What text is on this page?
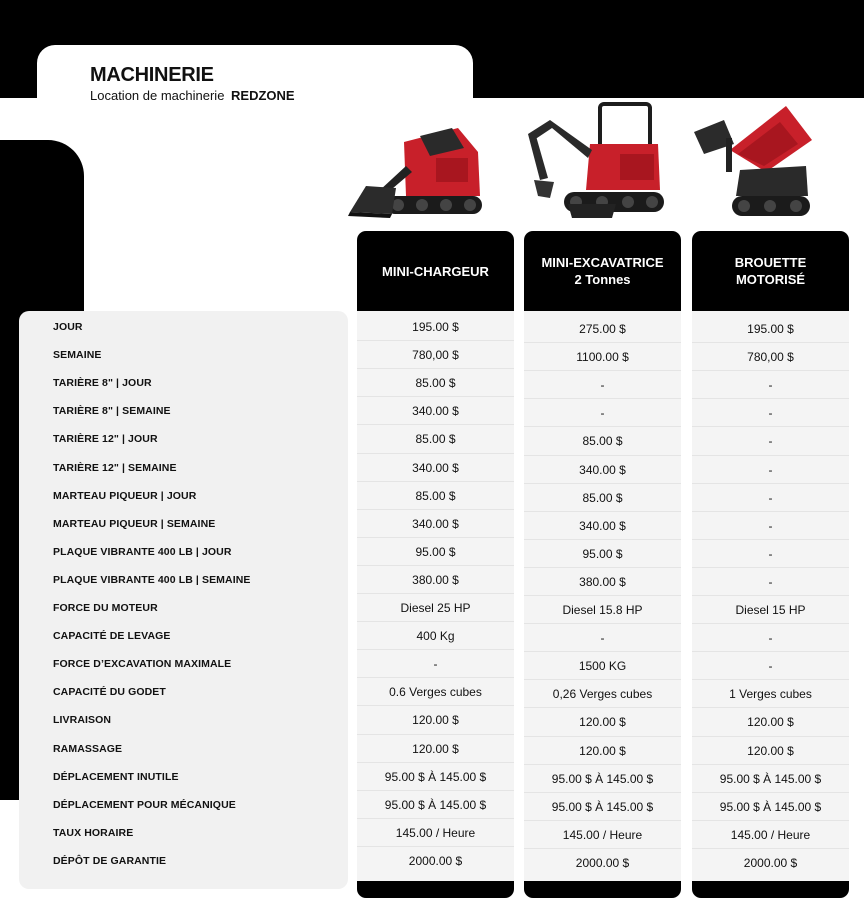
MACHINERIE
Location de machinerie REDZONE
JOUR
SEMAINE
TARIÈRE 8" | JOUR
TARIÈRE 8" | SEMAINE
TARIÈRE 12" | JOUR
TARIÈRE 12" | SEMAINE
MARTEAU PIQUEUR | JOUR
MARTEAU PIQUEUR | SEMAINE
PLAQUE VIBRANTE 400 LB | JOUR
PLAQUE VIBRANTE 400 LB | SEMAINE
FORCE DU MOTEUR
CAPACITÉ DE LEVAGE
FORCE D’EXCAVATION MAXIMALE
CAPACITÉ DU GODET
LIVRAISON
RAMASSAGE
DÉPLACEMENT INUTILE
DÉPLACEMENT POUR MÉCANIQUE
TAUX HORAIRE
DÉPÔT DE GARANTIE
MINI-CHARGEUR
195.00 $
780,00 $
85.00 $
340.00 $
85.00 $
340.00 $
85.00 $
340.00 $
95.00 $
380.00 $
Diesel 25 HP
400 Kg
-
0.6 Verges cubes
120.00 $
120.00 $
95.00 $ À 145.00 $
95.00 $ À 145.00 $
145.00 / Heure
2000.00 $
MINI-EXCAVATRICE
2 Tonnes
275.00 $
1100.00 $
-
-
85.00 $
340.00 $
85.00 $
340.00 $
95.00 $
380.00 $
Diesel 15.8 HP
-
1500 KG
0,26 Verges cubes
120.00 $
120.00 $
95.00 $ À 145.00 $
95.00 $ À 145.00 $
145.00 / Heure
2000.00 $
BROUETTE
MOTORISÉ
195.00 $
780,00 $
-
-
-
-
-
-
-
-
Diesel 15 HP
-
-
1 Verges cubes
120.00 $
120.00 $
95.00 $ À 145.00 $
95.00 $ À 145.00 $
145.00 / Heure
2000.00 $
